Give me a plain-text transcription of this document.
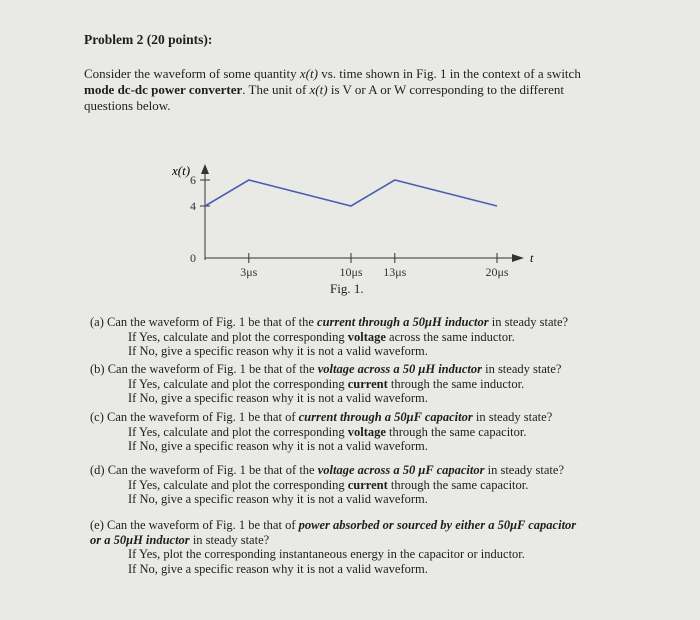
Problem 2 (20 points):
Consider the waveform of some quantity x(t) vs. time shown in Fig. 1 in the context of a switch
mode dc-dc power converter. The unit of x(t) is V or A or W corresponding to the different
questions below.
x(t)
t
0
4
6
3μs	10μs 13μs	20μs
Fig. 1.
(a) Can the waveform of Fig. 1 be that of the current through a 50μH inductor in steady state?
If Yes, calculate and plot the corresponding voltage across the same inductor.
If No, give a specific reason why it is not a valid waveform.
(b) Can the waveform of Fig. 1 be that of the voltage across a 50 μH inductor in steady state?
If Yes, calculate and plot the corresponding current through the same inductor.
If No, give a specific reason why it is not a valid waveform.
(c) Can the waveform of Fig. 1 be that of current through a 50μF capacitor in steady state?
If Yes, calculate and plot the corresponding voltage through the same capacitor.
If No, give a specific reason why it is not a valid waveform.
(d) Can the waveform of Fig. 1 be that of the voltage across a 50 μF capacitor in steady state?
If Yes, calculate and plot the corresponding current through the same capacitor.
If No, give a specific reason why it is not a valid waveform.
(e) Can the waveform of Fig. 1 be that of power absorbed or sourced by either a 50μF capacitor
or a 50μH inductor in steady state?
If Yes, plot the corresponding instantaneous energy in the capacitor or inductor.
If No, give a specific reason why it is not a valid waveform.
